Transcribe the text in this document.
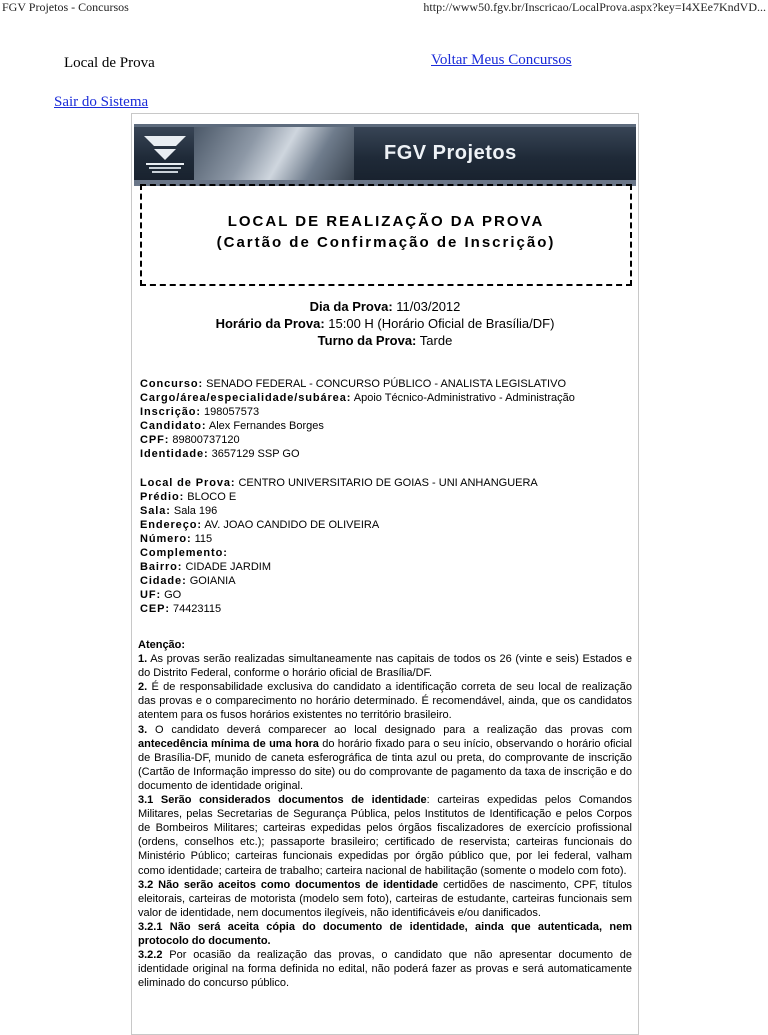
FGV Projetos - Concursos	http://www50.fgv.br/Inscricao/LocalProva.aspx?key=I4XEe7KndVD...
Local de Prova	Voltar Meus Concursos
Sair do Sistema
FGV Projetos
LOCAL DE REALIZAÇÃO DA PROVA
(Cartão de Confirmação de Inscrição)
Dia da Prova: 11/03/2012
Horário da Prova: 15:00 H (Horário Oficial de Brasília/DF)
Turno da Prova: Tarde
Concurso: SENADO FEDERAL - CONCURSO PÚBLICO - ANALISTA LEGISLATIVO
Cargo/área/especialidade/subárea: Apoio Técnico-Administrativo - Administração
Inscrição: 198057573
Candidato: Alex Fernandes Borges
CPF: 89800737120
Identidade: 3657129 SSP GO
Local de Prova: CENTRO UNIVERSITARIO DE GOIAS - UNI ANHANGUERA
Prédio: BLOCO E
Sala: Sala 196
Endereço: AV. JOAO CANDIDO DE OLIVEIRA
Número: 115
Complemento:
Bairro: CIDADE JARDIM
Cidade: GOIANIA
UF: GO
CEP: 74423115

Atenção:

1. As provas serão realizadas simultaneamente nas capitais de todos os 26 (vinte e seis) Estados e do Distrito Federal, conforme o horário oficial de Brasília/DF.

2. É de responsabilidade exclusiva do candidato a identificação correta de seu local de realização das provas e o comparecimento no horário determinado. É recomendável, ainda, que os candidatos atentem para os fusos horários existentes no território brasileiro.

3. O candidato deverá comparecer ao local designado para a realização das provas com antecedência mínima de uma hora do horário fixado para o seu início, observando o horário oficial de Brasília-DF, munido de caneta esferográfica de tinta azul ou preta, do comprovante de inscrição (Cartão de Informação impresso do site) ou do comprovante de pagamento da taxa de inscrição e do documento de identidade original.

3.1 Serão considerados documentos de identidade: carteiras expedidas pelos Comandos Militares, pelas Secretarias de Segurança Pública, pelos Institutos de Identificação e pelos Corpos de Bombeiros Militares; carteiras expedidas pelos órgãos fiscalizadores de exercício profissional (ordens, conselhos etc.); passaporte brasileiro; certificado de reservista; carteiras funcionais do Ministério Público; carteiras funcionais expedidas por órgão público que, por lei federal, valham como identidade; carteira de trabalho; carteira nacional de habilitação (somente o modelo com foto).

3.2 Não serão aceitos como documentos de identidade certidões de nascimento, CPF, títulos eleitorais, carteiras de motorista (modelo sem foto), carteiras de estudante, carteiras funcionais sem valor de identidade, nem documentos ilegíveis, não identificáveis e/ou danificados.

3.2.1 Não será aceita cópia do documento de identidade, ainda que autenticada, nem protocolo do documento.

3.2.2 Por ocasião da realização das provas, o candidato que não apresentar documento de identidade original na forma definida no edital, não poderá fazer as provas e será automaticamente eliminado do concurso público.
